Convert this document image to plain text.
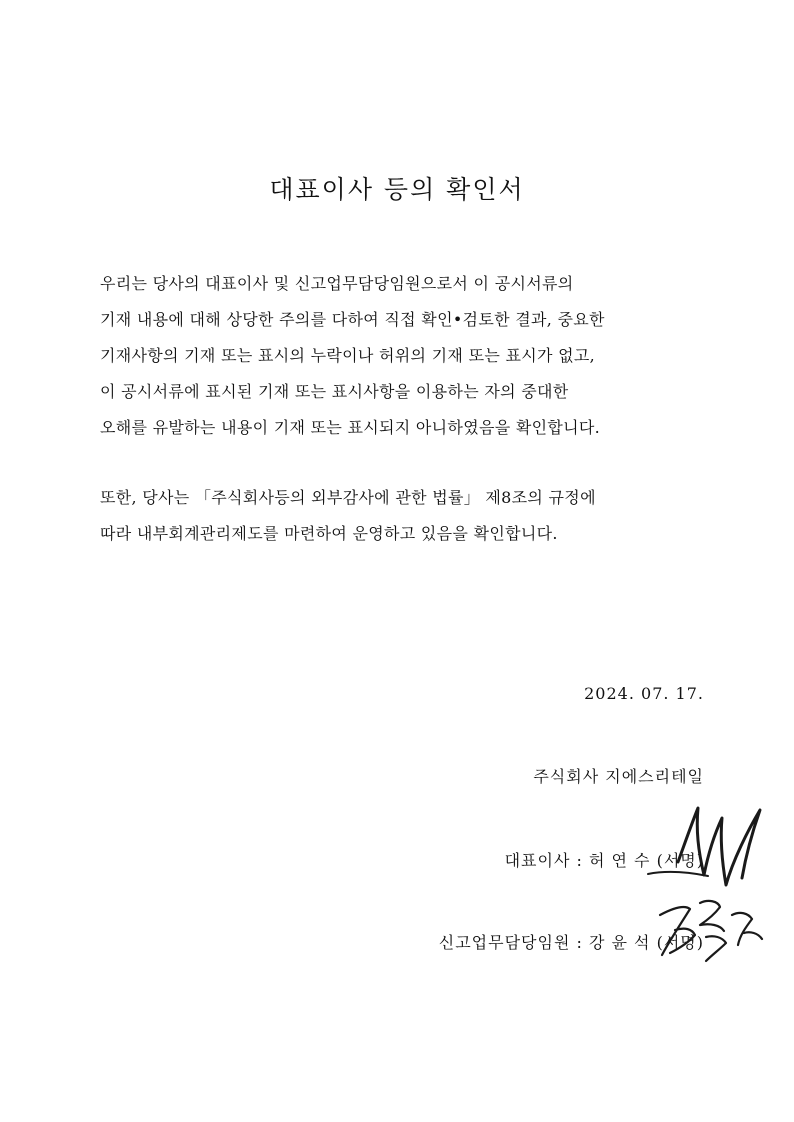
대표이사 등의 확인서
우리는 당사의 대표이사 및 신고업무담당임원으로서 이 공시서류의
기재 내용에 대해 상당한 주의를 다하여 직접 확인•검토한 결과, 중요한
기재사항의 기재 또는 표시의 누락이나 허위의 기재 또는 표시가 없고,
이 공시서류에 표시된 기재 또는 표시사항을 이용하는 자의 중대한
오해를 유발하는 내용이 기재 또는 표시되지 아니하였음을 확인합니다.
또한, 당사는 「주식회사등의 외부감사에 관한 법률」 제8조의 규정에
따라 내부회계관리제도를 마련하여 운영하고 있음을 확인합니다.
2024. 07. 17.
주식회사 지에스리테일
대표이사 : 허 연 수 (서명)
신고업무담당임원 : 강 윤 석 (서명)
